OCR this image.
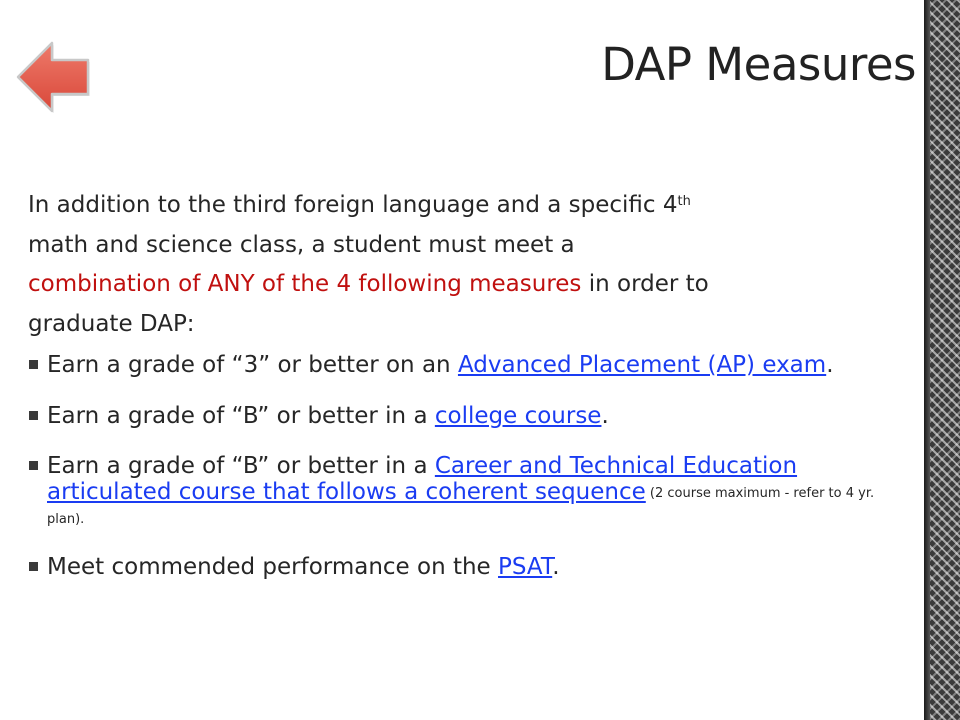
DAP Measures

In addition to the third foreign language and a specific 4th
math and science class, a student must meet a
combination of ANY of the 4 following measures in order to
graduate DAP:

Earn a grade of “3” or better on an Advanced Placement (AP) exam.
Earn a grade of “B” or better in a college course.
Earn a grade of “B” or better in a Career and Technical Education articulated course that follows a coherent sequence (2 course maximum - refer to 4 yr. plan).
Meet commended performance on the PSAT.
